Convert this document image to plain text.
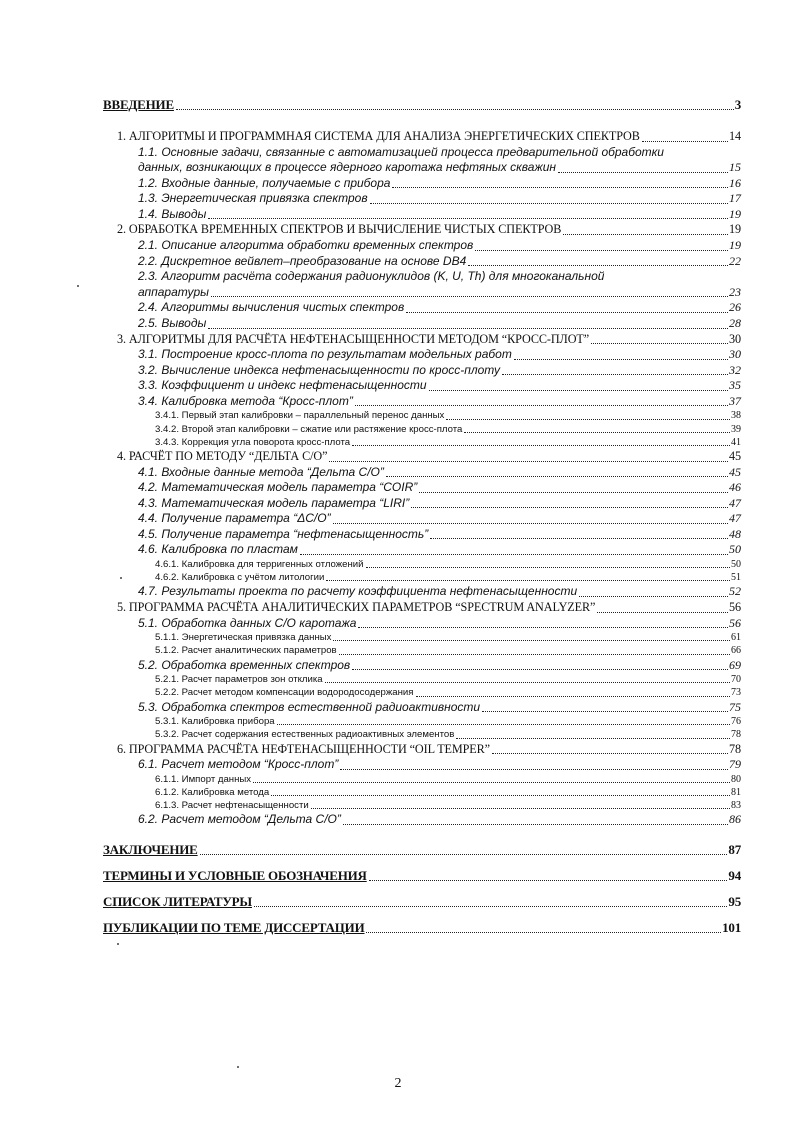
ВВЕДЕНИЕ	3
1. АЛГОРИТМЫ И ПРОГРАММНАЯ СИСТЕМА ДЛЯ АНАЛИЗА ЭНЕРГЕТИЧЕСКИХ СПЕКТРОВ	14
1.1. Основные задачи, связанные с автоматизацией процесса предварительной обработки
данных, возникающих в процессе ядерного каротажа нефтяных скважин	15
1.2. Входные данные, получаемые с прибора	16
1.3. Энергетическая привязка спектров	17
1.4. Выводы	19
2. ОБРАБОТКА ВРЕМЕННЫХ СПЕКТРОВ И ВЫЧИСЛЕНИЕ ЧИСТЫХ СПЕКТРОВ	19
2.1. Описание алгоритма обработки временных спектров	19
2.2. Дискретное вейвлет–преобразование на основе DB4	22
2.3. Алгоритм расчёта содержания радионуклидов (K, U, Th) для многоканальной
аппаратуры	23
2.4. Алгоритмы вычисления чистых спектров	26
2.5. Выводы	28
3. АЛГОРИТМЫ ДЛЯ РАСЧЁТА НЕФТЕНАСЫЩЕННОСТИ МЕТОДОМ “КРОСС-ПЛОТ”	30
3.1. Построение кросс-плота по результатам модельных работ	30
3.2. Вычисление индекса нефтенасыщенности по кросс-плоту	32
3.3. Коэффициент и индекс нефтенасыщенности	35
3.4. Калибровка метода “Кросс-плот”	37
3.4.1. Первый этап калибровки – параллельный перенос данных	38
3.4.2. Второй этап калибровки – сжатие или растяжение кросс-плота	39
3.4.3. Коррекция угла поворота кросс-плота	41
4. РАСЧЁТ ПО МЕТОДУ “ДЕЛЬТА С/О”	45
4.1. Входные данные метода “Дельта С/О”	45
4.2. Математическая модель параметра “COIR”	46
4.3. Математическая модель параметра “LIRI”	47
4.4. Получение параметра “ΔС/О”	47
4.5. Получение параметра “нефтенасыщенность”	48
4.6. Калибровка по пластам	50
4.6.1. Калибровка для терригенных отложений	50
4.6.2. Калибровка с учётом литологии	51
4.7. Результаты проекта по расчету коэффициента нефтенасыщенности	52
5. ПРОГРАММА РАСЧЁТА АНАЛИТИЧЕСКИХ ПАРАМЕТРОВ “SPECTRUM ANALYZER”	56
5.1. Обработка данных С/О каротажа	56
5.1.1. Энергетическая привязка данных	61
5.1.2. Расчет аналитических параметров	66
5.2. Обработка временных спектров	69
5.2.1. Расчет параметров зон отклика	70
5.2.2. Расчет методом компенсации водородосодержания	73
5.3. Обработка спектров естественной радиоактивности	75
5.3.1. Калибровка прибора	76
5.3.2. Расчет содержания естественных радиоактивных элементов	78
6. ПРОГРАММА РАСЧЁТА НЕФТЕНАСЫЩЕННОСТИ “OIL TEMPER”	78
6.1. Расчет методом “Кросс-плот”	79
6.1.1. Импорт данных	80
6.1.2. Калибровка метода	81
6.1.3. Расчет нефтенасыщенности	83
6.2. Расчет методом “Дельта С/О”	86
ЗАКЛЮЧЕНИЕ	87
ТЕРМИНЫ И УСЛОВНЫЕ ОБОЗНАЧЕНИЯ	94
СПИСОК ЛИТЕРАТУРЫ	95
ПУБЛИКАЦИИ ПО ТЕМЕ ДИССЕРТАЦИИ	101
2
